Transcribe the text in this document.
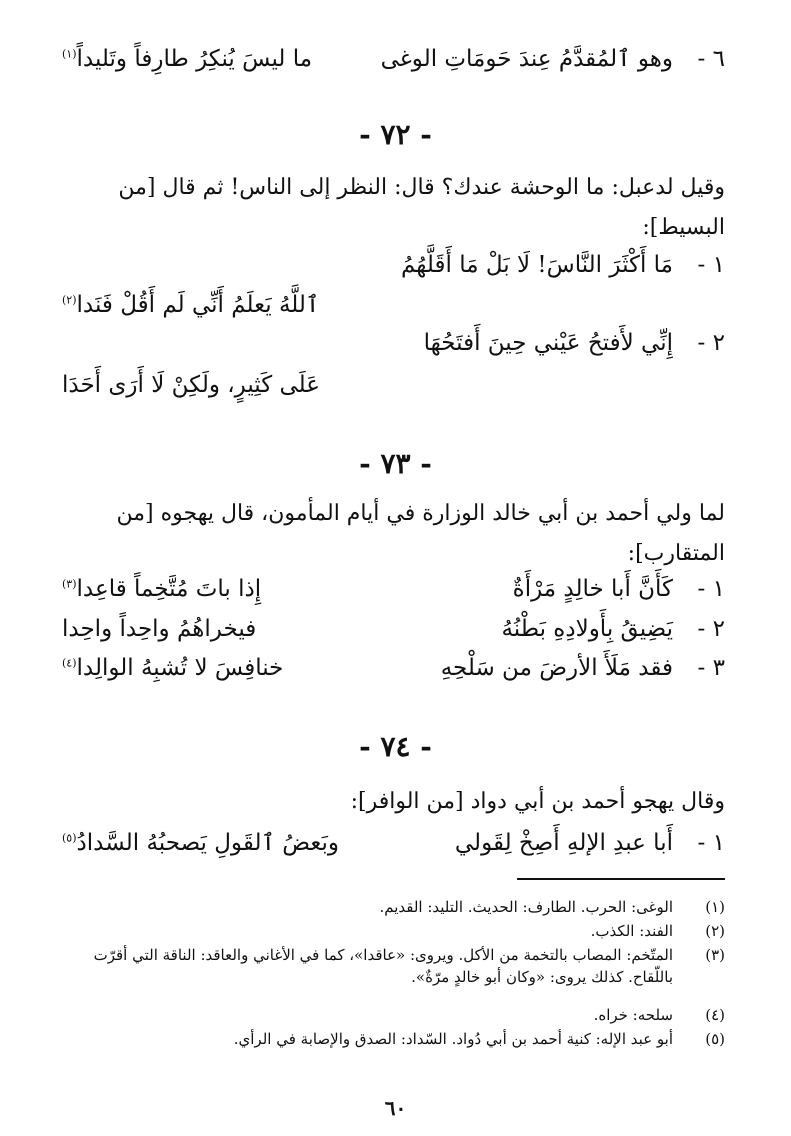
٦ -
وهو ٱلمُقدَّمُ عِندَ حَومَاتِ الوغى
ما ليسَ يُنكِرُ طارِفاً وتَليداً$^{(١)}$
- ٧٢ -
وقيل لدعبل: ما الوحشة عندك؟ قال: النظر إلى الناس! ثم قال [من البسيط]:
١ -
مَا أَكْثَرَ النَّاسَ! لَا بَلْ مَا أَقَلَّهُمُ
ٱللَّهُ يَعلَمُ أَنِّي لَم أَقُلْ فَنَدا$^{(٢)}$
٢ -
إِنِّي لأَفتحُ عَيْني حِينَ أَفتَحُهَا
عَلَى كَثِيرٍ، ولَكِنْ لَا أَرَى أَحَدَا
- ٧٣ -
لما ولي أحمد بن أبي خالد الوزارة في أيام المأمون، قال يهجوه [من المتقارب]:
١ -
كَأَنَّ أَبا خالِدٍ مَرْأَةٌ
إِذا باتَ مُتَّخِماً قاعِدا$^{(٣)}$
٢ -
يَضِيقُ بِأَولادِهِ بَطْنُهُ
فيخراهُمُ واحِداً واحِدا
٣ -
فقد مَلَأَ الأرضَ من سَلْحِهِ
خنافِسَ لا تُشبِهُ الوالِدا$^{(٤)}$
- ٧٤ -
وقال يهجو أحمد بن أبي دواد [من الوافر]:
١ -
أَبا عبدِ الإلهِ أَصِخْ لِقَولي
وبَعضُ ٱلقَولِ يَصحبُهُ السَّدادُ$^{(٥)}$
(١)الوغى: الحرب. الطارف: الحديث. التليد: القديم.
(٢)الفند: الكذب.
(٣)
المتّخم: المصاب بالتخمة من الأكل. ويروى: «عاقدا»، كما في الأغاني والعاقد: الناقة التي أقرّت باللّقاح. كذلك يروى: «وكان أبو خالدٍ مرّةٌ».
(٤)سلحه: خراه.
(٥)أبو عبد الإله: كنية أحمد بن أبي دُواد. السّداد: الصدق والإصابة في الرأي.
٦٠
